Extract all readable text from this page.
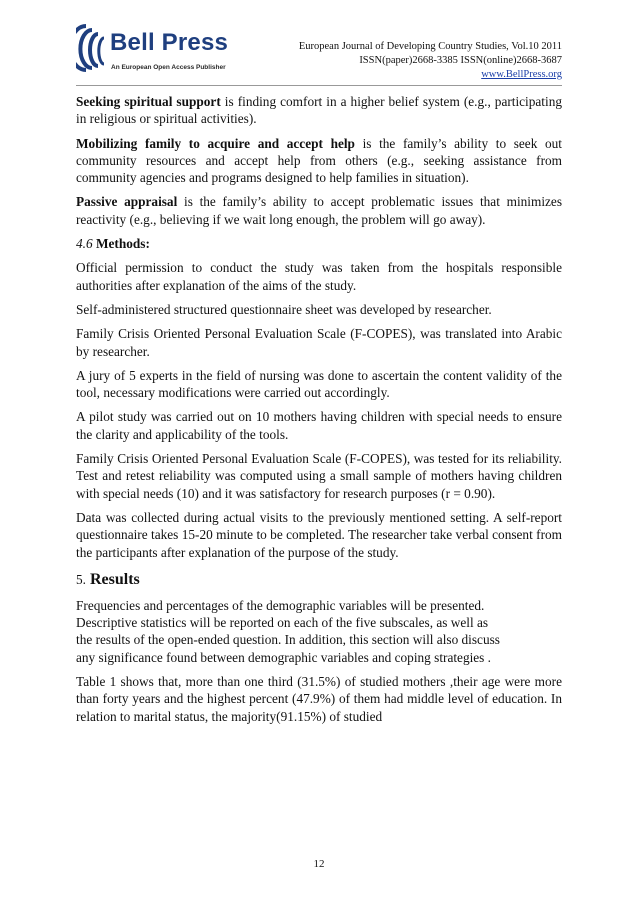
Bell Press
An European Open Access Publisher
European Journal of Developing Country Studies, Vol.10 2011
ISSN(paper)2668-3385 ISSN(online)2668-3687
www.BellPress.org

Seeking spiritual support is finding comfort in a higher belief system (e.g., participating in religious or spiritual activities).

Mobilizing family to acquire and accept help is the family’s ability to seek out community resources and accept help from others (e.g., seeking assistance from community agencies and programs designed to help families in situation).

Passive appraisal is the family’s ability to accept problematic issues that minimizes reactivity (e.g., believing if we wait long enough, the problem will go away).

4.6 Methods:

Official permission to conduct the study was taken from the hospitals responsible authorities after explanation of the aims of the study.

Self-administered structured questionnaire sheet was developed by researcher.

Family Crisis Oriented Personal Evaluation Scale (F-COPES), was translated into Arabic by researcher.

A jury of 5 experts in the field of nursing was done to ascertain the content validity of the tool, necessary modifications were carried out accordingly.

A pilot study was carried out on 10 mothers having children with special needs to ensure the clarity and applicability of the tools.

Family Crisis Oriented Personal Evaluation Scale (F-COPES), was tested for its reliability. Test and retest reliability was computed using a small sample of mothers having children with special needs (10) and it was satisfactory for research purposes (r = 0.90).

Data was collected during actual visits to the previously mentioned setting. A self-report questionnaire takes 15-20 minute to be completed. The researcher take verbal consent from the participants after explanation of the purpose of the study.

5. Results

Frequencies and percentages of the demographic variables will be presented.
Descriptive statistics will be reported on each of the five subscales, as well as
the results of the open-ended question. In addition, this section will also discuss
any significance found between demographic variables and coping strategies .

Table 1 shows that, more than one third (31.5%) of studied mothers ,their age were more than forty years and the highest percent (47.9%) of them had middle level of education. In relation to marital status, the majority(91.15%) of studied

12
